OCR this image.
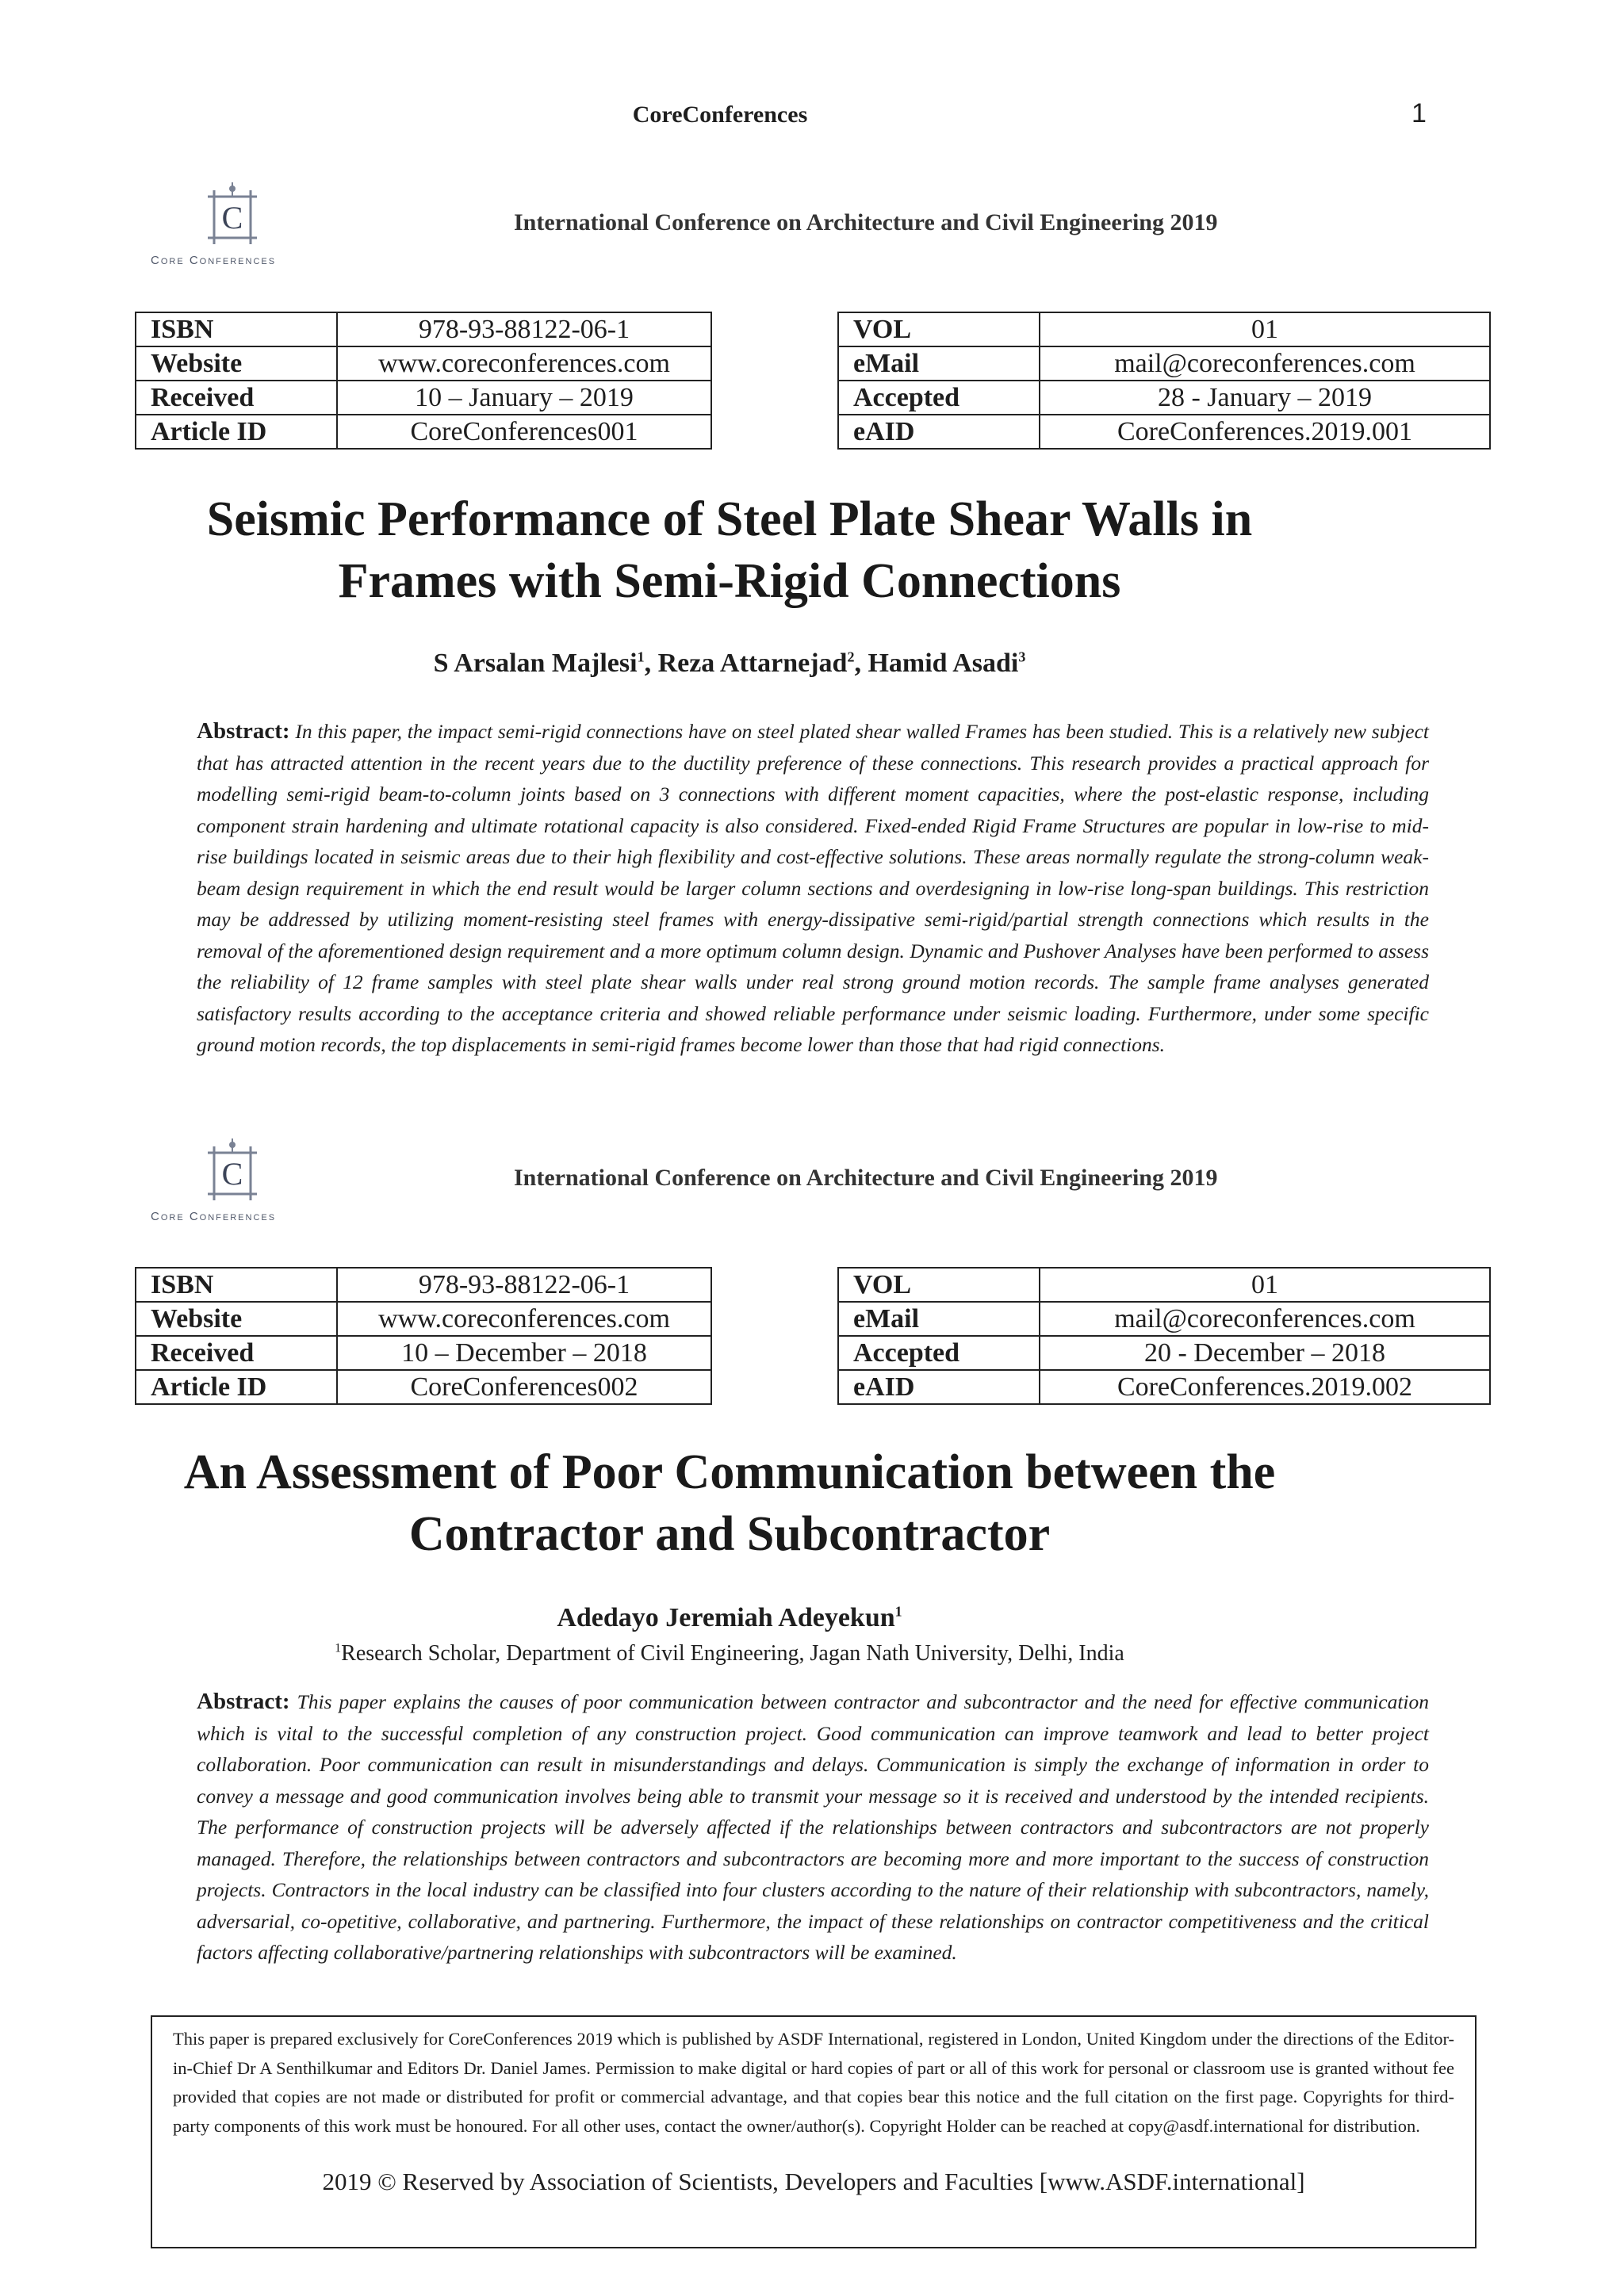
CoreConferences	1
C
Core Conferences
International Conference on Architecture and Civil Engineering 2019
ISBN	978-93-88122-06-1
Website	www.coreconferences.com
Received	10 – January – 2019
Article ID	CoreConferences001
VOL	01
eMail	mail@coreconferences.com
Accepted	28 - January – 2019
eAID	CoreConferences.2019.001
Seismic Performance of Steel Plate Shear Walls in
Frames with Semi-Rigid Connections
S Arsalan Majlesi$^1$, Reza Attarnejad$^2$, Hamid Asadi$^3$
Abstract: In this paper, the impact semi-rigid connections have on steel plated shear walled Frames has been studied. This is a relatively new subject that has attracted attention in the recent years due to the ductility preference of these connections. This research provides a practical approach for modelling semi-rigid beam-to-column joints based on 3 connections with different moment capacities, where the post-elastic response, including component strain hardening and ultimate rotational capacity is also considered. Fixed-ended Rigid Frame Structures are popular in low-rise to mid-rise buildings located in seismic areas due to their high flexibility and cost-effective solutions. These areas normally regulate the strong-column weak-beam design requirement in which the end result would be larger column sections and overdesigning in low-rise long-span buildings. This restriction may be addressed by utilizing moment-resisting steel frames with energy-dissipative semi-rigid/partial strength connections which results in the removal of the aforementioned design requirement and a more optimum column design. Dynamic and Pushover Analyses have been performed to assess the reliability of 12 frame samples with steel plate shear walls under real strong ground motion records. The sample frame analyses generated satisfactory results according to the acceptance criteria and showed reliable performance under seismic loading. Furthermore, under some specific ground motion records, the top displacements in semi-rigid frames become lower than those that had rigid connections.
C
Core Conferences
International Conference on Architecture and Civil Engineering 2019
ISBN	978-93-88122-06-1
Website	www.coreconferences.com
Received	10 – December – 2018
Article ID	CoreConferences002
VOL	01
eMail	mail@coreconferences.com
Accepted	20 - December – 2018
eAID	CoreConferences.2019.002
An Assessment of Poor Communication between the
Contractor and Subcontractor
Adedayo Jeremiah Adeyekun$^1$
$^1$Research Scholar, Department of Civil Engineering, Jagan Nath University, Delhi, India
Abstract: This paper explains the causes of poor communication between contractor and subcontractor and the need for effective communication which is vital to the successful completion of any construction project. Good communication can improve teamwork and lead to better project collaboration. Poor communication can result in misunderstandings and delays. Communication is simply the exchange of information in order to convey a message and good communication involves being able to transmit your message so it is received and understood by the intended recipients. The performance of construction projects will be adversely affected if the relationships between contractors and subcontractors are not properly managed. Therefore, the relationships between contractors and subcontractors are becoming more and more important to the success of construction projects. Contractors in the local industry can be classified into four clusters according to the nature of their relationship with subcontractors, namely, adversarial, co-opetitive, collaborative, and partnering. Furthermore, the impact of these relationships on contractor competitiveness and the critical factors affecting collaborative/partnering relationships with subcontractors will be examined.
This paper is prepared exclusively for CoreConferences 2019 which is published by ASDF International, registered in London, United Kingdom under the directions of the Editor-in-Chief Dr A Senthilkumar and Editors Dr. Daniel James. Permission to make digital or hard copies of part or all of this work for personal or classroom use is granted without fee provided that copies are not made or distributed for profit or commercial advantage, and that copies bear this notice and the full citation on the first page. Copyrights for third-party components of this work must be honoured. For all other uses, contact the owner/author(s). Copyright Holder can be reached at copy@asdf.international for distribution.
2019 © Reserved by Association of Scientists, Developers and Faculties [www.ASDF.international]
